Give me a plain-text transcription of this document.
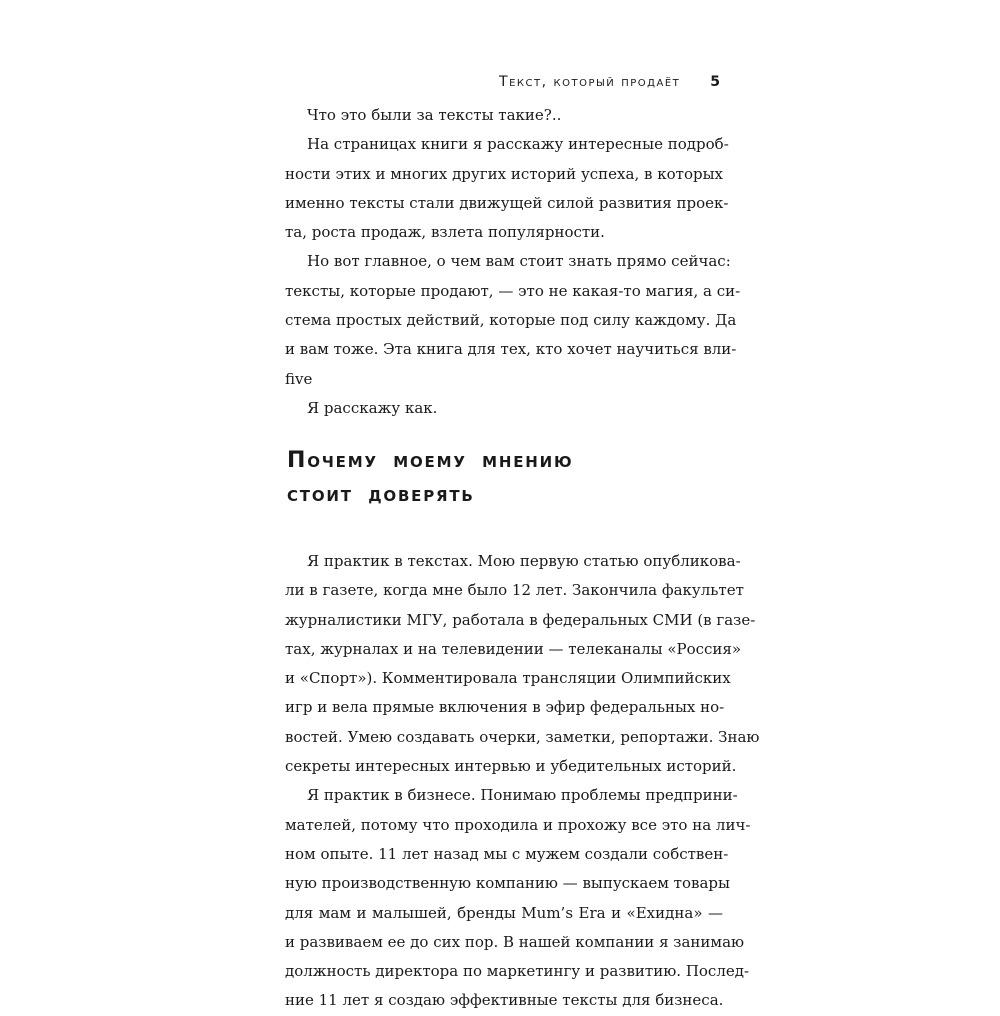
Текст, который продаёт 5
Что это были за тексты такие?..
На страницах книги я расскажу интересные подроб-
ности этих и многих других историй успеха, в которых
именно тексты стали движущей силой развития проек-
та, роста продаж, взлета популярности.
Но вот главное, о чем вам стоит знать прямо сейчас:
тексты, которые продают, — это не какая-то магия, а си-
стема простых действий, которые под силу каждому. Да
и вам тоже. Эта книга для тех, кто хочет научиться вли-
five
Я расскажу как.
Почему моему мнению
стоит доверять
Я практик в текстах. Мою первую статью опубликова-
ли в газете, когда мне было 12 лет. Закончила факультет
журналистики МГУ, работала в федеральных СМИ (в газе-
тах, журналах и на телевидении — телеканалы «Россия»
и «Спорт»). Комментировала трансляции Олимпийских
игр и вела прямые включения в эфир федеральных но-
востей. Умею создавать очерки, заметки, репортажи. Знаю
секреты интересных интервью и убедительных историй.
Я практик в бизнесе. Понимаю проблемы предприни-
мателей, потому что проходила и прохожу все это на лич-
ном опыте. 11 лет назад мы с мужем создали собствен-
ную производственную компанию — выпускаем товары
для мам и малышей, бренды Mum’s Era и «Ехидна» —
и развиваем ее до сих пор. В нашей компании я занимаю
должность директора по маркетингу и развитию. Послед-
ние 11 лет я создаю эффективные тексты для бизнеса.
